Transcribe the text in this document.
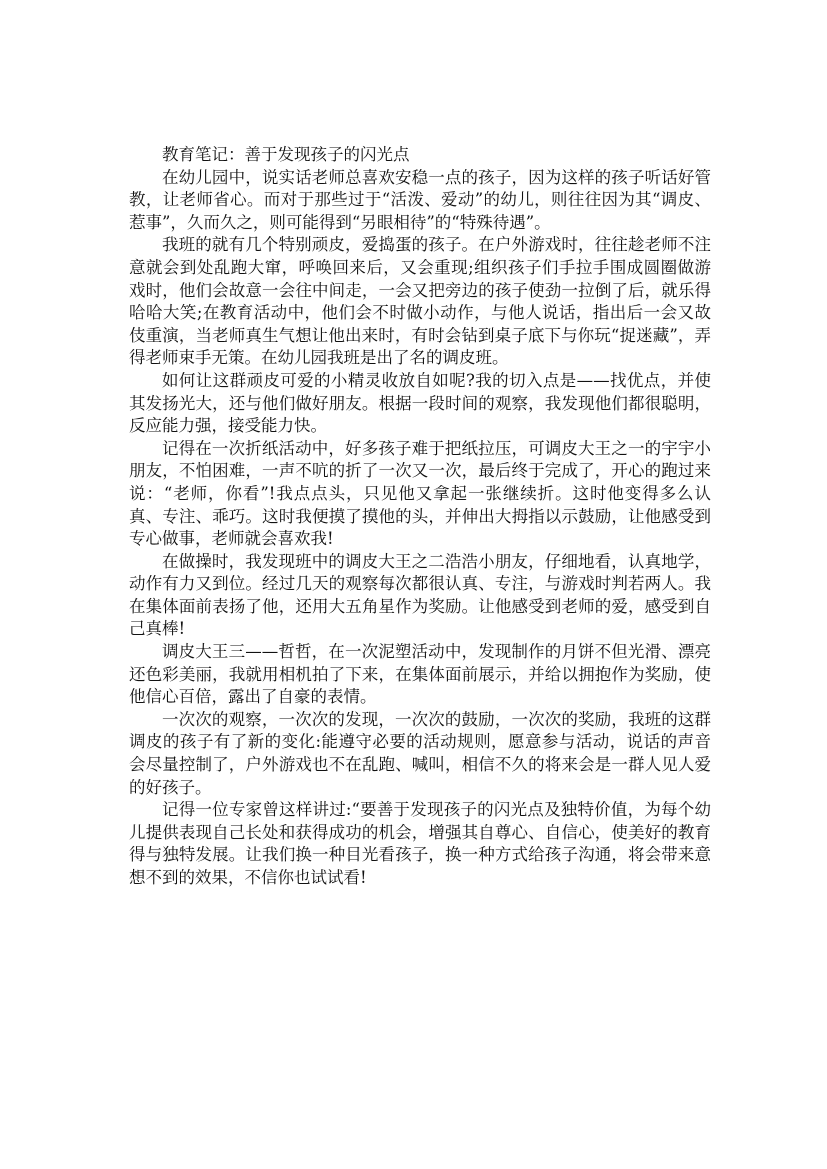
教育笔记：善于发现孩子的闪光点

在幼儿园中，说实话老师总喜欢安稳一点的孩子，因为这样的孩子听话好管教，让老师省心。而对于那些过于“活泼、爱动”的幼儿，则往往因为其“调皮、惹事”，久而久之，则可能得到“另眼相待”的“特殊待遇”。

我班的就有几个特别顽皮，爱捣蛋的孩子。在户外游戏时，往往趁老师不注意就会到处乱跑大窜，呼唤回来后，又会重现;组织孩子们手拉手围成圆圈做游戏时，他们会故意一会往中间走，一会又把旁边的孩子使劲一拉倒了后，就乐得哈哈大笑;在教育活动中，他们会不时做小动作，与他人说话，指出后一会又故伎重演，当老师真生气想让他出来时，有时会钻到桌子底下与你玩“捉迷藏”，弄得老师束手无策。在幼儿园我班是出了名的调皮班。

如何让这群顽皮可爱的小精灵收放自如呢?我的切入点是——找优点，并使其发扬光大，还与他们做好朋友。根据一段时间的观察，我发现他们都很聪明，反应能力强，接受能力快。

记得在一次折纸活动中，好多孩子难于把纸拉压，可调皮大王之一的宇宇小朋友，不怕困难，一声不吭的折了一次又一次，最后终于完成了，开心的跑过来说：“老师，你看”!我点点头，只见他又拿起一张继续折。这时他变得多么认真、专注、乖巧。这时我便摸了摸他的头，并伸出大拇指以示鼓励，让他感受到专心做事，老师就会喜欢我!

在做操时，我发现班中的调皮大王之二浩浩小朋友，仔细地看，认真地学，动作有力又到位。经过几天的观察每次都很认真、专注，与游戏时判若两人。我在集体面前表扬了他，还用大五角星作为奖励。让他感受到老师的爱，感受到自己真棒!

调皮大王三——哲哲，在一次泥塑活动中，发现制作的月饼不但光滑、漂亮还色彩美丽，我就用相机拍了下来，在集体面前展示，并给以拥抱作为奖励，使他信心百倍，露出了自豪的表情。

一次次的观察，一次次的发现，一次次的鼓励，一次次的奖励，我班的这群调皮的孩子有了新的变化:能遵守必要的活动规则，愿意参与活动，说话的声音会尽量控制了，户外游戏也不在乱跑、喊叫，相信不久的将来会是一群人见人爱的好孩子。

记得一位专家曾这样讲过:“要善于发现孩子的闪光点及独特价值，为每个幼儿提供表现自己长处和获得成功的机会，增强其自尊心、自信心，使美好的教育得与独特发展。让我们换一种目光看孩子，换一种方式给孩子沟通，将会带来意想不到的效果，不信你也试试看!
